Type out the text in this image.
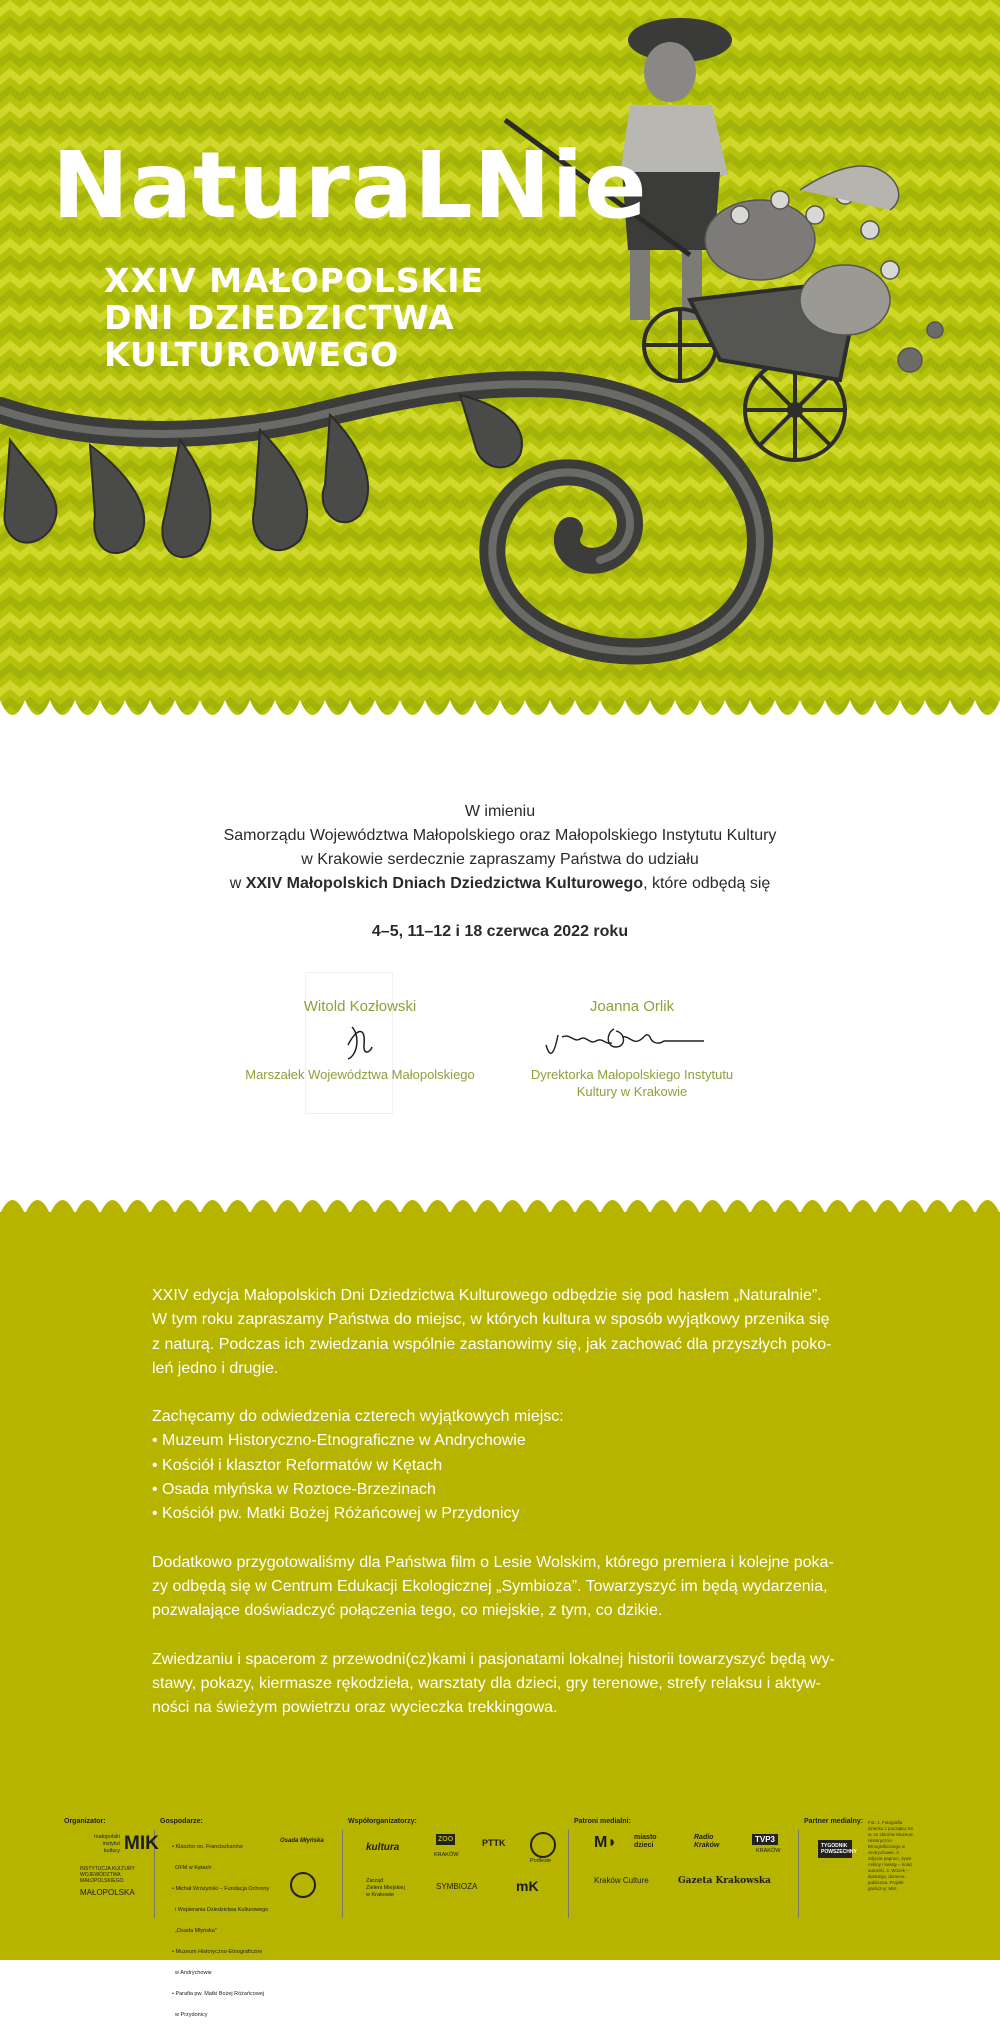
NaturaLNie
XXIV MAŁOPOLSKIE
DNI DZIEDZICTWA
KULTUROWEGO
W imieniu
Samorządu Województwa Małopolskiego oraz Małopolskiego Instytutu Kultury
w Krakowie serdecznie zapraszamy Państwa do udziału
w XXIV Małopolskich Dniach Dziedzictwa Kulturowego, które odbędą się
4–5, 11–12 i 18 czerwca 2022 roku
Witold Kozłowski
Marszałek Województwa Małopolskiego
Joanna Orlik
Dyrektorka Małopolskiego Instytutu
Kultury w Krakowie

XXIV edycja Małopolskich Dni Dziedzictwa Kulturowego odbędzie się pod hasłem „Naturalnie”.
W tym roku zapraszamy Państwa do miejsc, w których kultura w sposób wyjątkowy przenika się
z naturą. Podczas ich zwiedzania wspólnie zastanowimy się, jak zachować dla przyszłych poko-
leń jedno i drugie.

Zachęcamy do odwiedzenia czterech wyjątkowych miejsc:
• Muzeum Historyczno-Etnograficzne w Andrychowie
• Kościół i klasztor Reformatów w Kętach
• Osada młyńska w Roztoce-Brzezinach
• Kościół pw. Matki Bożej Różańcowej w Przydonicy

Dodatkowo przygotowaliśmy dla Państwa film o Lesie Wolskim, którego premiera i kolejne poka-
zy odbędą się w Centrum Edukacji Ekologicznej „Symbioza”. Towarzyszyć im będą wydarzenia,
pozwalające doświadczyć połączenia tego, co miejskie, z tym, co dzikie.

Zwiedzaniu i spacerom z przewodni(cz)kami i pasjonatami lokalnej historii towarzyszyć będą wy-
stawy, pokazy, kiermasze rękodzieła, warsztaty dla dzieci, gry terenowe, strefy relaksu i aktyw-
ności na świeżym powietrzu oraz wycieczka trekkingowa.

Organizator:	Gospodarze:	Współorganizatorzy:	Patroni medialni:	Partner medialny:
małopolski
instytut
kultury MIK
INSTYTUCJA KULTURY
WOJEWÓDZTWA
MAŁOPOLSKIEGO
MAŁOPOLSKA

• Klasztor oo. Franciszkanów

OFM w Kętach

• Michał Wróżyński – Fundacja Ochrony

i Wspierania Dziedzictwa Kulturowego

„Osada Młyńska”

• Muzeum Historyczno-Etnograficzne

w Andrychowie

• Parafia pw. Matki Bożej Różańcowej

w Przydonicy

Osada Młyńska
kultura
ZOO
KRAKÓW
PTTK
Podlesie
Zarząd
Zieleni Miejskiej
w Krakowie
SYMBIOZA	mK
M◗ miasto
dzieci
Radio
Kraków
TVP3
KRAKÓW
Kraków Culture	Gazeta Krakowska
TYGODNIK POWSZECHNY
Fot. 1. Fotografia dziecka z początku XX w. ze zbiorów Muzeum Historyczno-Etnograficznego w Andrychowie. 2. Zdjęcie paproci, żywe rośliny i kwiaty – kolaż autorski. 3. Wózek – ilustracja, domena publiczna. Projekt graficzny: MIK.
